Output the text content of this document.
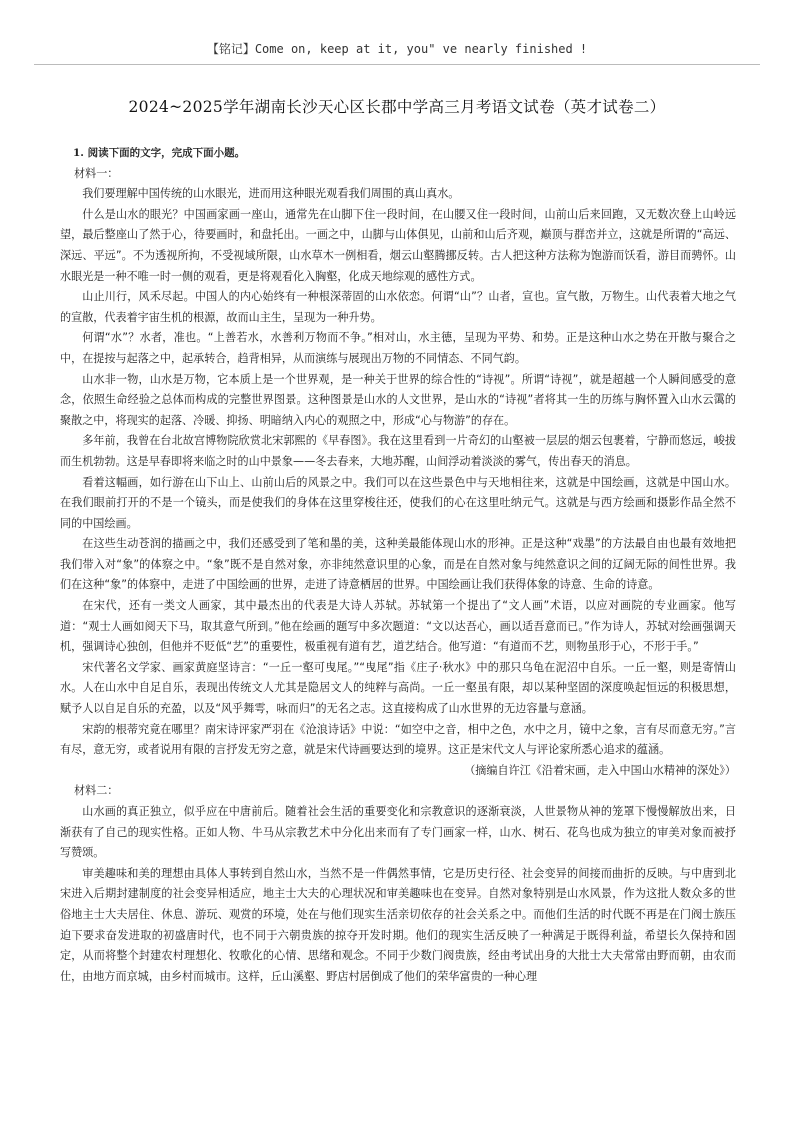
【铭记】Come on, keep at it, you" ve nearly finished !
2024~2025学年湖南长沙天心区长郡中学高三月考语文试卷（英才试卷二）

1. 阅读下面的文字，完成下面小题。

材料一：

我们要理解中国传统的山水眼光，进而用这种眼光观看我们周围的真山真水。

什么是山水的眼光？中国画家画一座山，通常先在山脚下住一段时间，在山腰又住一段时间，山前山后来回跑，又无数次登上山岭远望，最后整座山了然于心，待要画时，和盘托出。一画之中，山脚与山体俱见，山前和山后齐观，巅顶与群峦并立，这就是所谓的“高远、深远、平远”。不为透视所拘，不受视域所限，山水草木一例相看，烟云山壑腾挪反转。古人把这种方法称为饱游而饫看，游目而骋怀。山水眼光是一种不唯一时一侧的观看，更是将观看化入胸壑，化成天地综观的感性方式。

山止川行，风禾尽起。中国人的内心始终有一种根深蒂固的山水依恋。何谓“山”？山者，宣也。宣气散，万物生。山代表着大地之气的宣散，代表着宇宙生机的根源，故而山主生，呈现为一种升势。

何谓“水”？水者，准也。“上善若水，水善利万物而不争。”相对山，水主德，呈现为平势、和势。正是这种山水之势在开散与聚合之中，在提按与起落之中，起承转合，趋背相异，从而演练与展现出万物的不同情态、不同气韵。

山水非一物，山水是万物，它本质上是一个世界观，是一种关于世界的综合性的“诗视”。所谓“诗视”，就是超越一个人瞬间感受的意念，依照生命经验之总体而构成的完整世界图景。这种图景是山水的人文世界，是山水的“诗视”者将其一生的历练与胸怀置入山水云霭的聚散之中，将现实的起落、冷暖、抑扬、明暗纳入内心的观照之中，形成“心与物游”的存在。

多年前，我曾在台北故宫博物院欣赏北宋郭熙的《早春图》。我在这里看到一片奇幻的山壑被一层层的烟云包裹着，宁静而悠远，峻拔而生机勃勃。这是早春即将来临之时的山中景象——冬去春来，大地苏醒，山间浮动着淡淡的雾气，传出春天的消息。

看着这幅画，如行游在山下山上、山前山后的风景之中。我们可以在这些景色中与天地相往来，这就是中国绘画，这就是中国山水。在我们眼前打开的不是一个镜头，而是使我们的身体在这里穿梭往还，使我们的心在这里吐纳元气。这就是与西方绘画和摄影作品全然不同的中国绘画。

在这些生动苍润的描画之中，我们还感受到了笔和墨的美，这种美最能体现山水的形神。正是这种“戏墨”的方法最自由也最有效地把我们带入对“象”的体察之中。“象”既不是自然对象，亦非纯然意识里的心象，而是在自然对象与纯然意识之间的辽阔无际的间性世界。我们在这种“象”的体察中，走进了中国绘画的世界，走进了诗意栖居的世界。中国绘画让我们获得体象的诗意、生命的诗意。

在宋代，还有一类文人画家，其中最杰出的代表是大诗人苏轼。苏轼第一个提出了“文人画”术语，以应对画院的专业画家。他写道：“观士人画如阅天下马，取其意气所到。”他在绘画的题写中多次题道：“文以达吾心，画以适吾意而已。”作为诗人，苏轼对绘画强调天机，强调诗心独创，但他并不贬低“艺”的重要性，极重视有道有艺，道艺结合。他写道：“有道而不艺，则物虽形于心，不形于手。”

宋代著名文学家、画家黄庭坚诗言：“一丘一壑可曳尾。”“曳尾”指《庄子·秋水》中的那只乌龟在泥沼中自乐。一丘一壑，则是寄情山水。人在山水中自足自乐，表现出传统文人尤其是隐居文人的纯粹与高尚。一丘一壑虽有限，却以某种坚固的深度唤起恒远的积极思想，赋予人以自足自乐的充盈，以及“风乎舞雩，咏而归”的无名之志。这直接构成了山水世界的无边容量与意涵。

宋韵的根蒂究竟在哪里？南宋诗评家严羽在《沧浪诗话》中说：“如空中之音，相中之色，水中之月，镜中之象，言有尽而意无穷。”言有尽，意无穷，或者说用有限的言抒发无穷之意，就是宋代诗画要达到的境界。这正是宋代文人与评论家所悉心追求的蕴涵。

（摘编自许江《沿着宋画，走入中国山水精神的深处》）

材料二：

山水画的真正独立，似乎应在中唐前后。随着社会生活的重要变化和宗教意识的逐渐衰淡，人世景物从神的笼罩下慢慢解放出来，日渐获有了自己的现实性格。正如人物、牛马从宗教艺术中分化出来而有了专门画家一样，山水、树石、花鸟也成为独立的审美对象而被抒写赞颂。

审美趣味和美的理想由具体人事转到自然山水，当然不是一件偶然事情，它是历史行径、社会变异的间接而曲折的反映。与中唐到北宋进入后期封建制度的社会变异相适应，地主士大夫的心理状况和审美趣味也在变异。自然对象特别是山水风景，作为这批人数众多的世俗地主士大夫居住、休息、游玩、观赏的环境，处在与他们现实生活亲切依存的社会关系之中。而他们生活的时代既不再是在门阀士族压迫下要求奋发进取的初盛唐时代，也不同于六朝贵族的掠夺开发时期。他们的现实生活反映了一种满足于既得利益，希望长久保持和固定，从而将整个封建农村理想化、牧歌化的心情、思绪和观念。不同于少数门阀贵族，经由考试出身的大批士大夫常常由野而朝，由农而仕，由地方而京城，由乡村而城市。这样，丘山溪壑、野店村居倒成了他们的荣华富贵的一种心理
